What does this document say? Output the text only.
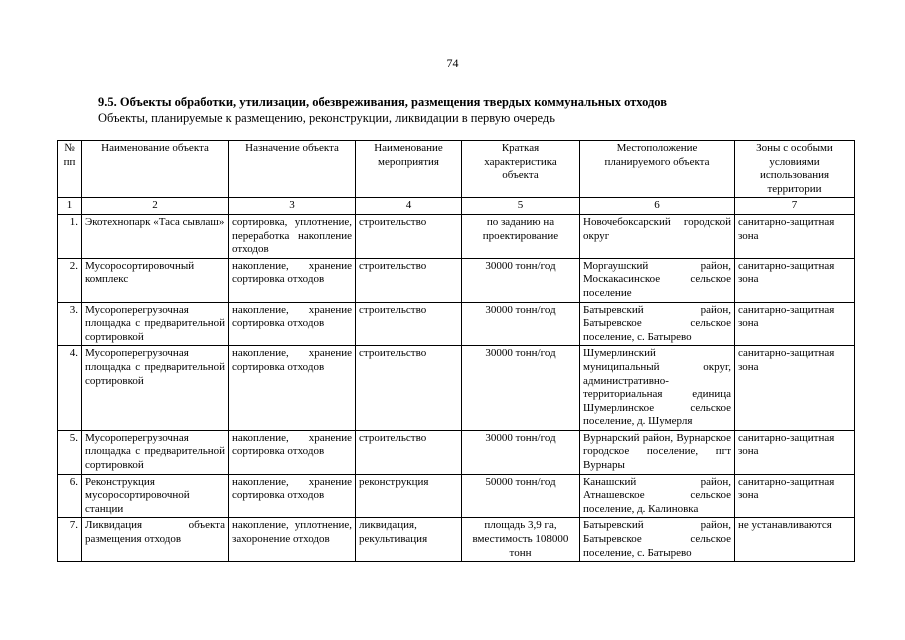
74
9.5. Объекты обработки, утилизации, обезвреживания, размещения твердых коммунальных отходов
Объекты, планируемые к размещению, реконструкции, ликвидации в первую очередь
№ пп	Наименование объекта	Назначение объекта	Наименование мероприятия	Краткая характеристика объекта	Местоположение планируемого объекта	Зоны с особыми условиями использования территории
1	2	3	4	5	6	7
1.	Экотехнопарк «Таса сывлаш»	сортировка, уплотнение, переработка накопление отходов	строительство	по заданию на проектирование	Новочебоксарский городской округ	санитарно-защитная зона
2.	Мусоросортировочный комплекс	накопление, хранение сортировка отходов	строительство	30000 тонн/год	Моргаушский район, Москакасинское сельское поселение	санитарно-защитная зона
3.	Мусороперегрузочная площадка с предварительной сортировкой	накопление, хранение сортировка отходов	строительство	30000 тонн/год	Батыревский район, Батыревское сельское поселение, с. Батырево	санитарно-защитная зона
4.	Мусороперегрузочная площадка с предварительной сортировкой	накопление, хранение сортировка отходов	строительство	30000 тонн/год	Шумерлинский муниципальный округ, административно-территориальная единица Шумерлинское сельское поселение, д. Шумерля	санитарно-защитная зона
5.	Мусороперегрузочная площадка с предварительной сортировкой	накопление, хранение сортировка отходов	строительство	30000 тонн/год	Вурнарский район, Вурнарское городское поселение, пгт Вурнары	санитарно-защитная зона
6.	Реконструкция мусоросортировочной станции	накопление, хранение сортировка отходов	реконструкция	50000 тонн/год	Канашский район, Атнашевское сельское поселение, д. Калиновка	санитарно-защитная зона
7.	Ликвидация объекта размещения отходов	накопление, уплотнение, захоронение отходов	ликвидация, рекультивация	площадь 3,9 га, вместимость 108000 тонн	Батыревский район, Батыревское сельское поселение, с. Батырево	не устанавливаются
